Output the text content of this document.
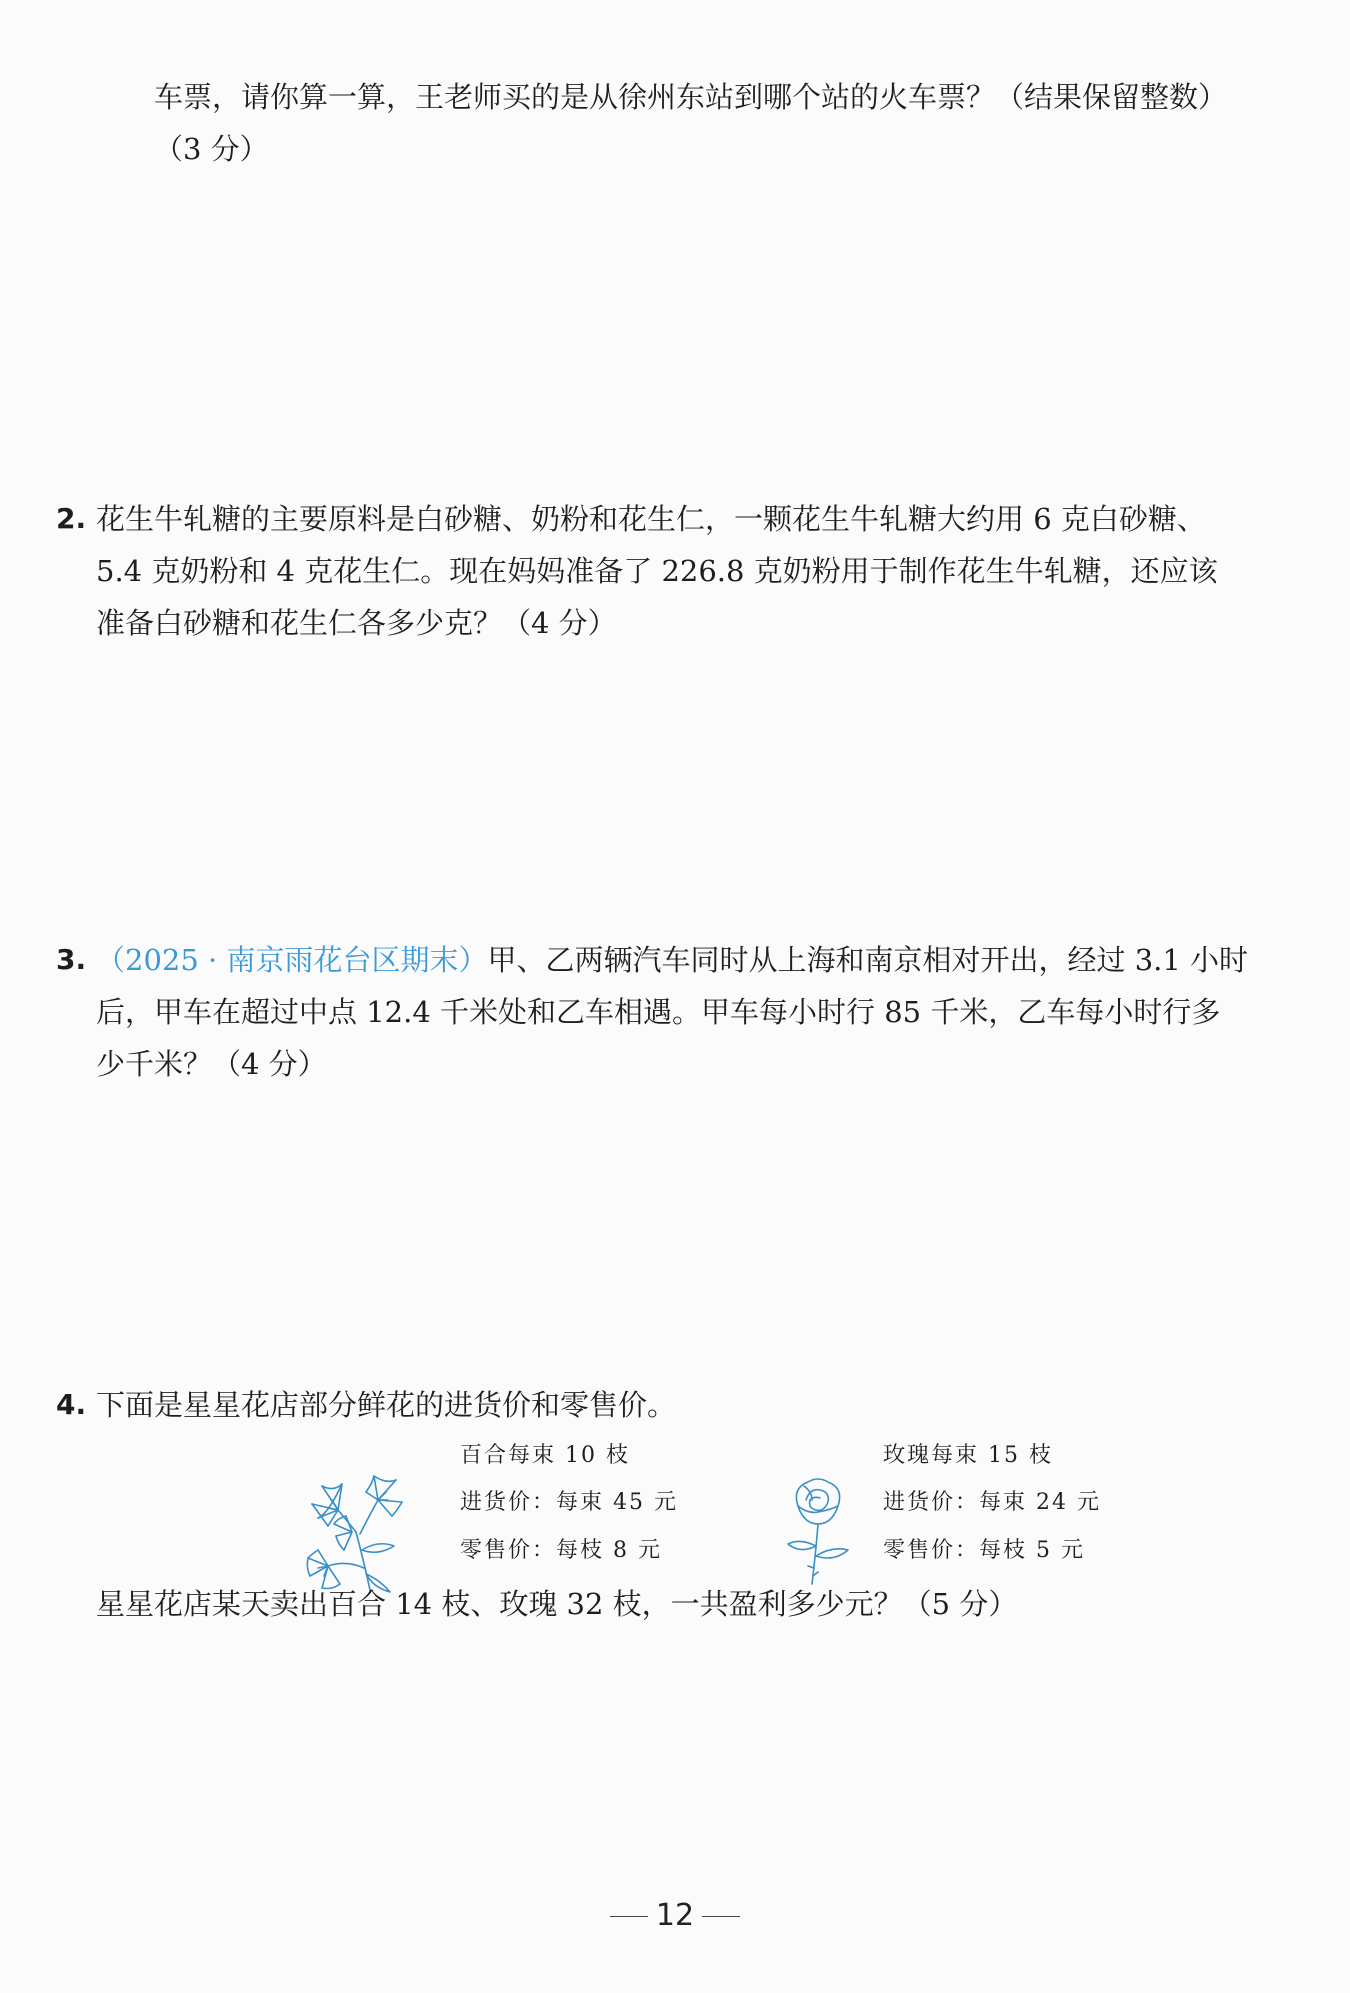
车票，请你算一算，王老师买的是从徐州东站到哪个站的火车票？（结果保留整数）
（3 分）
2. 花生牛轧糖的主要原料是白砂糖、奶粉和花生仁，一颗花生牛轧糖大约用 6 克白砂糖、
5.4 克奶粉和 4 克花生仁。现在妈妈准备了 226.8 克奶粉用于制作花生牛轧糖，还应该
准备白砂糖和花生仁各多少克？（4 分）
3. （2025 · 南京雨花台区期末）甲、乙两辆汽车同时从上海和南京相对开出，经过 3.1 小时
后，甲车在超过中点 12.4 千米处和乙车相遇。甲车每小时行 85 千米，乙车每小时行多
少千米？（4 分）
4. 下面是星星花店部分鲜花的进货价和零售价。
百合每束 10 枝
进货价：每束 45 元
零售价：每枝 8 元
玫瑰每束 15 枝
进货价：每束 24 元
零售价：每枝 5 元
星星花店某天卖出百合 14 枝、玫瑰 32 枝，一共盈利多少元？（5 分）
12
